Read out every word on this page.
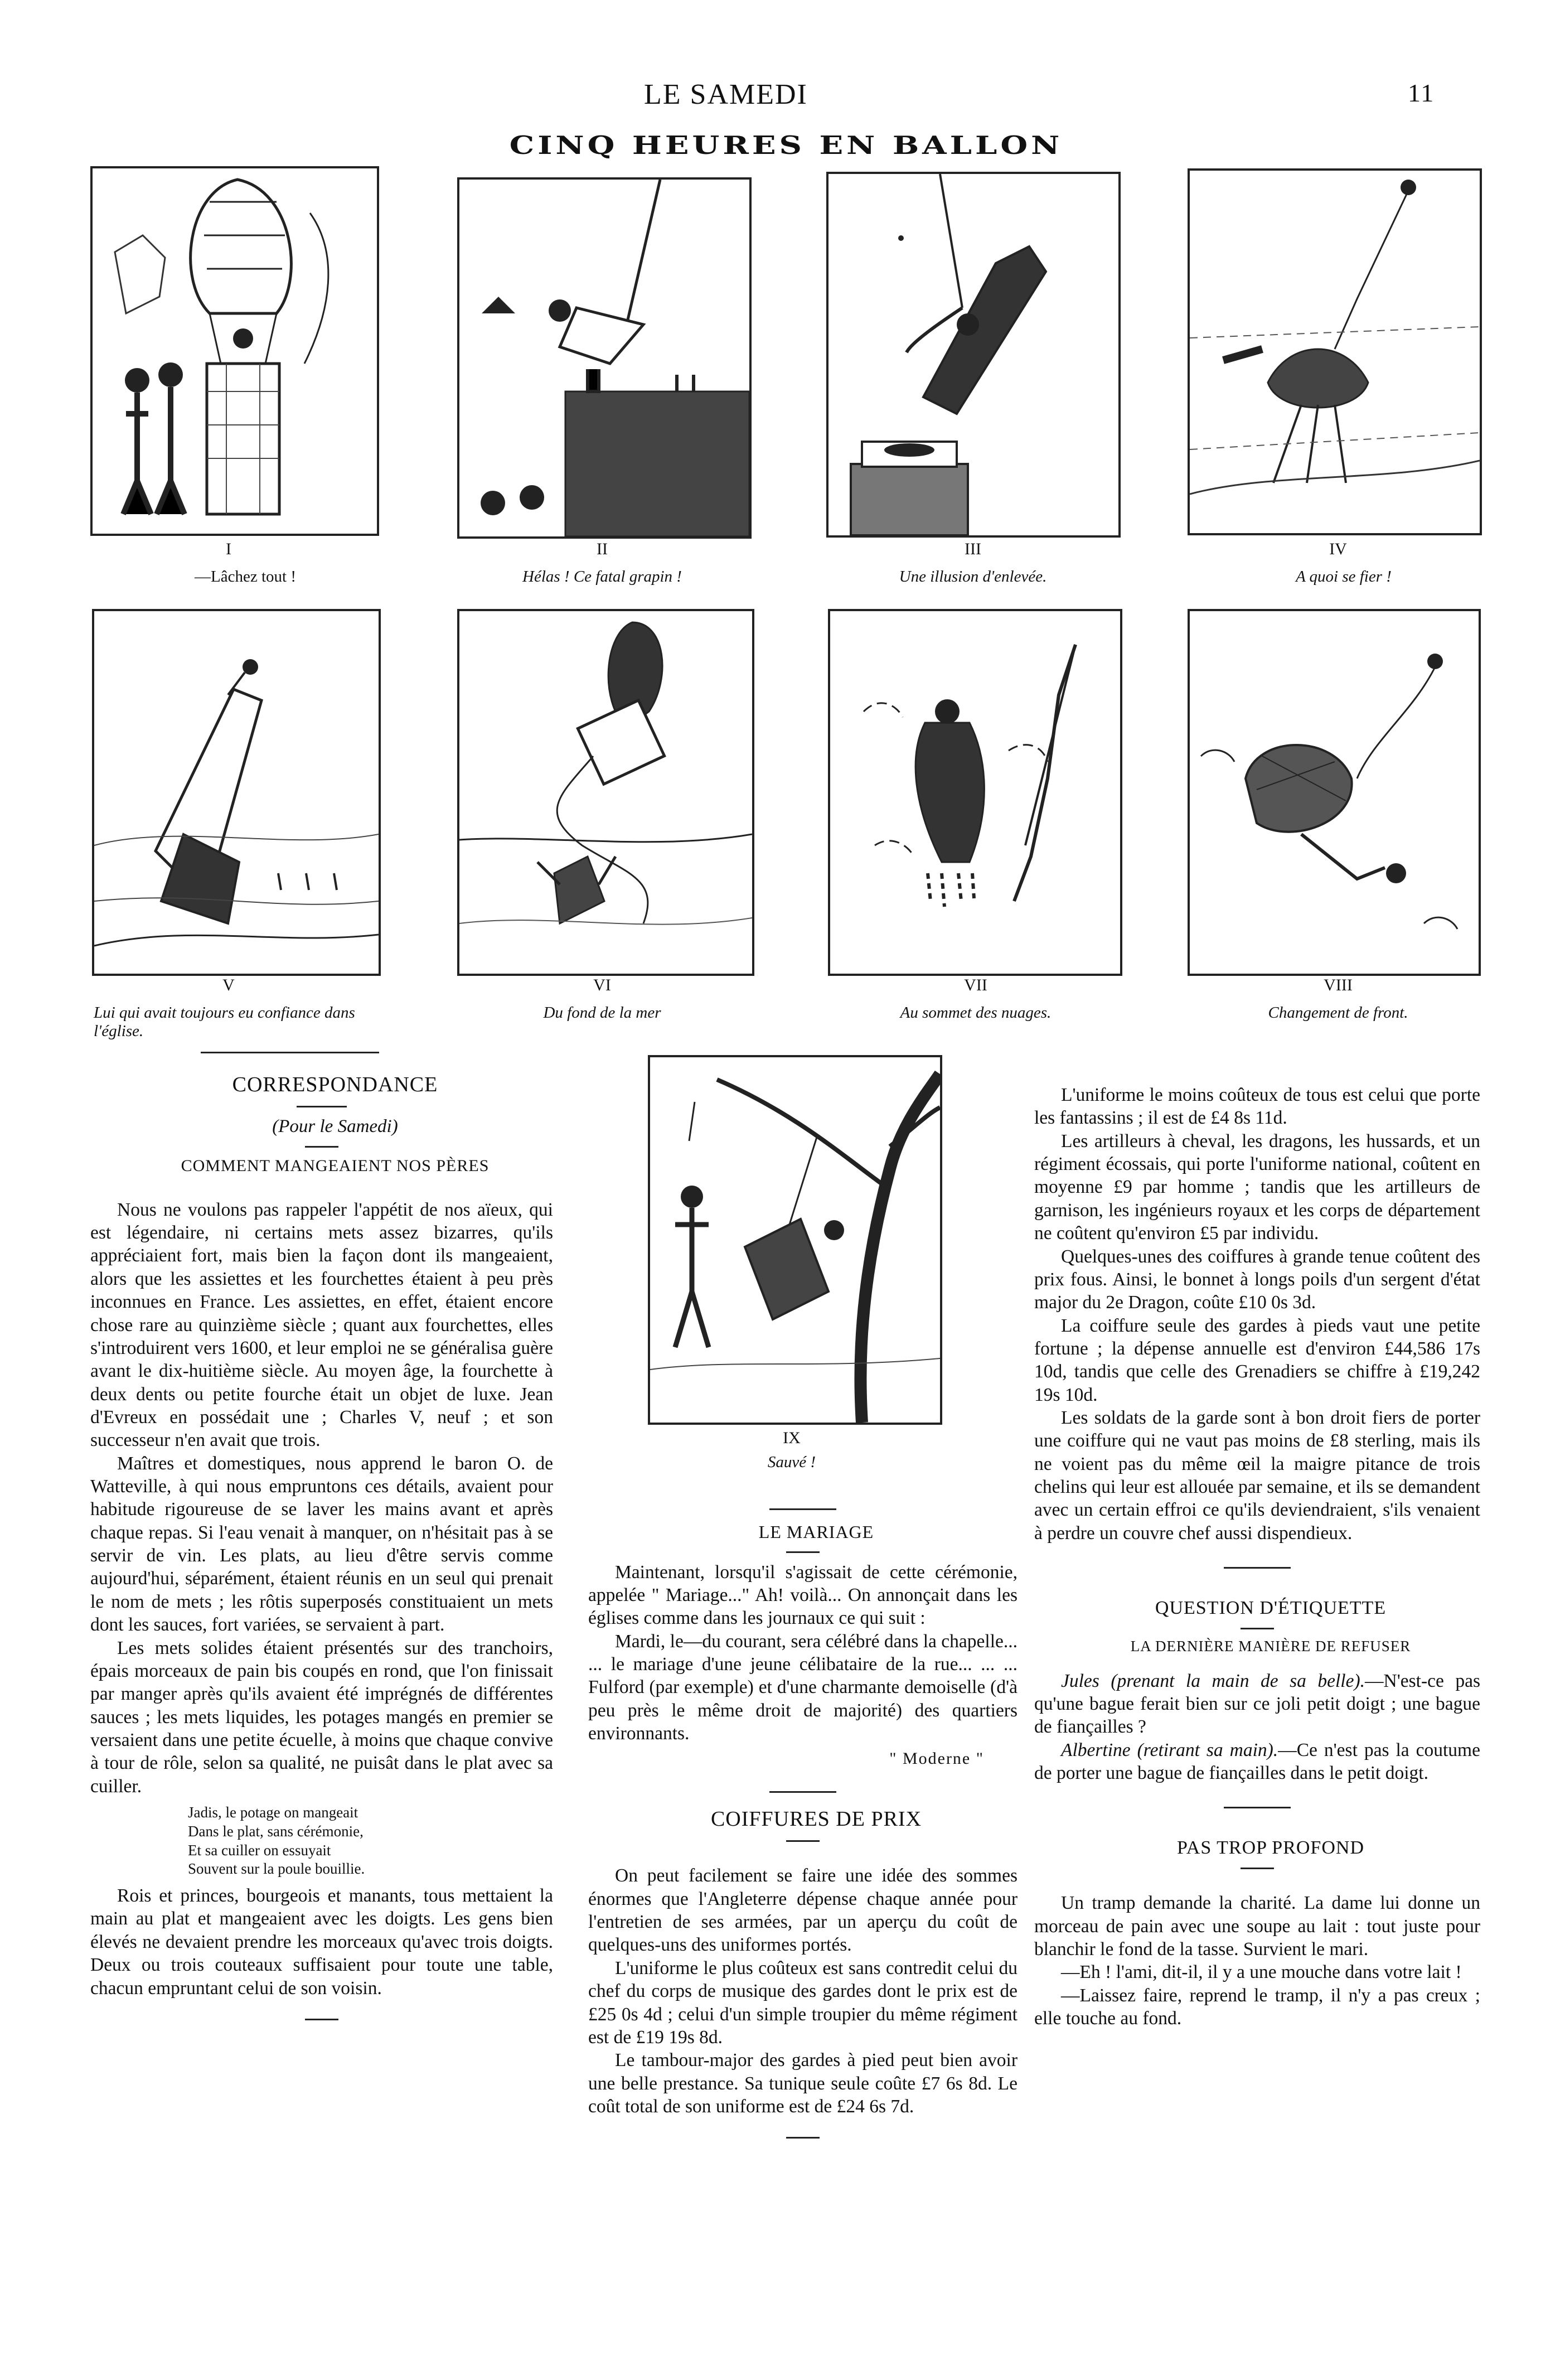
LE SAMEDI	11
CINQ HEURES EN BALLON
I
—Lâchez tout !
II
Hélas ! Ce fatal grapin !
III
Une illusion d'enlevée.
IV
A quoi se fier !
V
Lui qui avait toujours eu confiance dans l'église.
VI
Du fond de la mer
VII
Au sommet des nuages.
VIII
Changement de front.
IX
Sauvé !

CORRESPONDANCE

(Pour le Samedi)

COMMENT MANGEAIENT NOS PÈRES

Nous ne voulons pas rappeler l'appétit de nos aïeux, qui est légendaire, ni certains mets assez bizarres, qu'ils appréciaient fort, mais bien la façon dont ils mangeaient, alors que les assiettes et les fourchettes étaient à peu près inconnues en France. Les assiettes, en effet, étaient encore chose rare au quinzième siècle ; quant aux fourchettes, elles s'introduirent vers 1600, et leur emploi ne se généralisa guère avant le dix-huitième siècle. Au moyen âge, la fourchette à deux dents ou petite fourche était un objet de luxe. Jean d'Evreux en possédait une ; Charles V, neuf ; et son successeur n'en avait que trois.

Maîtres et domestiques, nous apprend le baron O. de Watteville, à qui nous empruntons ces détails, avaient pour habitude rigoureuse de se laver les mains avant et après chaque repas. Si l'eau venait à manquer, on n'hésitait pas à se servir de vin. Les plats, au lieu d'être servis comme aujourd'hui, séparément, étaient réunis en un seul qui prenait le nom de mets ; les rôtis superposés constituaient un mets dont les sauces, fort variées, se servaient à part.

Les mets solides étaient présentés sur des tranchoirs, épais morceaux de pain bis coupés en rond, que l'on finissait par manger après qu'ils avaient été imprégnés de différentes sauces ; les mets liquides, les potages mangés en premier se versaient dans une petite écuelle, à moins que chaque convive à tour de rôle, selon sa qualité, ne puisât dans le plat avec sa cuiller.

Jadis, le potage on mangeait
Dans le plat, sans cérémonie,
Et sa cuiller on essuyait
Souvent sur la poule bouillie.

Rois et princes, bourgeois et manants, tous mettaient la main au plat et mangeaient avec les doigts. Les gens bien élevés ne devaient prendre les morceaux qu'avec trois doigts. Deux ou trois couteaux suffisaient pour toute une table, chacun empruntant celui de son voisin.

LE MARIAGE

Maintenant, lorsqu'il s'agissait de cette cérémonie, appelée " Mariage..." Ah! voilà... On annonçait dans les églises comme dans les journaux ce qui suit :

Mardi, le—du courant, sera célébré dans la chapelle... ... le mariage d'une jeune célibataire de la rue... ... ... Fulford (par exemple) et d'une charmante demoiselle (d'à peu près le même droit de majorité) des quartiers environnants.

" Moderne "

COIFFURES DE PRIX

On peut facilement se faire une idée des sommes énormes que l'Angleterre dépense chaque année pour l'entretien de ses armées, par un aperçu du coût de quelques-uns des uniformes portés.

L'uniforme le plus coûteux est sans contredit celui du chef du corps de musique des gardes dont le prix est de £25 0s 4d ; celui d'un simple troupier du même régiment est de £19 19s 8d.

Le tambour-major des gardes à pied peut bien avoir une belle prestance. Sa tunique seule coûte £7 6s 8d. Le coût total de son uniforme est de £24 6s 7d.

L'uniforme le moins coûteux de tous est celui que porte les fantassins ; il est de £4 8s 11d.

Les artilleurs à cheval, les dragons, les hussards, et un régiment écossais, qui porte l'uniforme national, coûtent en moyenne £9 par homme ; tandis que les artilleurs de garnison, les ingénieurs royaux et les corps de département ne coûtent qu'environ £5 par individu.

Quelques-unes des coiffures à grande tenue coûtent des prix fous. Ainsi, le bonnet à longs poils d'un sergent d'état major du 2e Dragon, coûte £10 0s 3d.

La coiffure seule des gardes à pieds vaut une petite fortune ; la dépense annuelle est d'environ £44,586 17s 10d, tandis que celle des Grenadiers se chiffre à £19,242 19s 10d.

Les soldats de la garde sont à bon droit fiers de porter une coiffure qui ne vaut pas moins de £8 sterling, mais ils ne voient pas du même œil la maigre pitance de trois chelins qui leur est allouée par semaine, et ils se demandent avec un certain effroi ce qu'ils deviendraient, s'ils venaient à perdre un couvre chef aussi dispendieux.

QUESTION D'ÉTIQUETTE

LA DERNIÈRE MANIÈRE DE REFUSER

Jules (prenant la main de sa belle).—N'est-ce pas qu'une bague ferait bien sur ce joli petit doigt ; une bague de fiançailles ?

Albertine (retirant sa main).—Ce n'est pas la coutume de porter une bague de fiançailles dans le petit doigt.

PAS TROP PROFOND

Un tramp demande la charité. La dame lui donne un morceau de pain avec une soupe au lait : tout juste pour blanchir le fond de la tasse. Survient le mari.

—Eh ! l'ami, dit-il, il y a une mouche dans votre lait !

—Laissez faire, reprend le tramp, il n'y a pas creux ; elle touche au fond.
